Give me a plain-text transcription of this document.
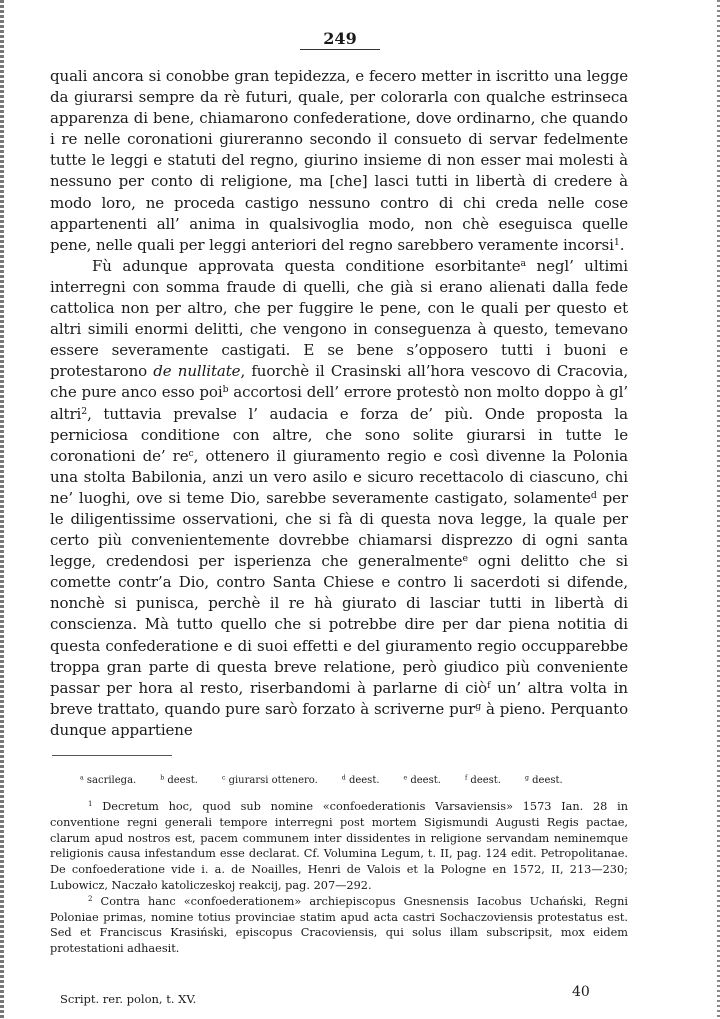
249

quali ancora si conobbe gran tepidezza, e fecero metter in iscritto una legge da giurarsi sempre da rè futuri, quale, per colorarla con qualche estrinseca apparenza di bene, chiamarono confederatione, dove ordinarno, che quando i re nelle coronationi giureranno secondo il consueto di servar fedelmente tutte le leggi e statuti del regno, giurino insieme di non esser mai molesti à nessuno per conto di religione, ma [che] lasci tutti in libertà di credere à modo loro, ne proceda castigo nessuno contro di chi creda nelle cose appartenenti all’ anima in qualsivoglia modo, non chè eseguisca quelle pene, nelle quali per leggi anteriori del regno sarebbero veramente incorsi$^1$.

Fù adunque approvata questa conditione esorbitante$^a$ negl’ ultimi interregni con somma fraude di quelli, che già si erano alienati dalla fede cattolica non per altro, che per fuggire le pene, con le quali per questo et altri simili enormi delitti, che vengono in conseguenza à questo, temevano essere severamente castigati. E se bene s’opposero tutti i buoni e protestarono de nullitate, fuorchè il Crasinski all’hora vescovo di Cracovia, che pure anco esso poi$^b$ accortosi dell’ errore protestò non molto doppo à gl’ altri$^2$, tuttavia prevalse l’ audacia e forza de’ più. Onde proposta la perniciosa conditione con altre, che sono solite giurarsi in tutte le coronationi de’ $re^c$, ottenero il giuramento regio e così divenne la Polonia una stolta Babilonia, anzi un vero asilo e sicuro recettacolo di ciascuno, chi ne’ luoghi, ove si teme Dio, sarebbe severamente castigato, solamente$^d$ per le diligentissime osservationi, che si fà di questa nova legge, la quale per certo più convenientemente dovrebbe chiamarsi disprezzo di ogni santa legge, credendosi per isperienza che generalmente$^e$ ogni delitto che si comette contr’a Dio, contro Santa Chiese e contro li sacerdoti si difende, nonchè si punisca, perchè il re hà giurato di lasciar tutti in libertà di conscienza. Mà tutto quello che si potrebbe dire per dar piena notitia di questa confederatione e di suoi effetti e del giuramento regio occupparebbe troppa gran parte di questa breve relatione, però giudico più conveniente passar per hora al resto, riserbandomi à parlarne di ciò$^f$ un’ altra volta in breve trattato, quando pure sarò forzato à scriverne pur$^g$ à pieno. Perquanto dunque appartiene

$^a$ sacrilega.	$^b$ deest.	$^c$ giurarsi ottenero.	$^d$ deest.	$^e$ deest.	$^f$ deest.	$^g$ deest.

$^1$ Decretum hoc, quod sub nomine «confoederationis Varsaviensis» 1573 Ian. 28 in conventione regni generali tempore interregni post mortem Sigismundi Augusti Regis pactae, clarum apud nostros est, pacem communem inter dissidentes in religione servandam neminemque religionis causa infestandum esse declarat. Cf. Volumina Legum, t. II, pag. 124 edit. Petropolitanae. De confoederatione vide i. a. de Noailles, Henri de Valois et la Pologne en 1572, II, 213—230; Lubowicz, Naczało katoliczeskoj reakcij, pag. 207—292.

$^2$ Contra hanc «confoederationem» archiepiscopus Gnesnensis Iacobus Uchański, Regni Poloniae primas, nomine totius provinciae statim apud acta castri Sochaczoviensis protestatus est. Sed et Franciscus Krasiński, episcopus Cracoviensis, qui solus illam subscripsit, mox eidem protestationi adhaesit.

Script. rer. polon, t. XV.	40
